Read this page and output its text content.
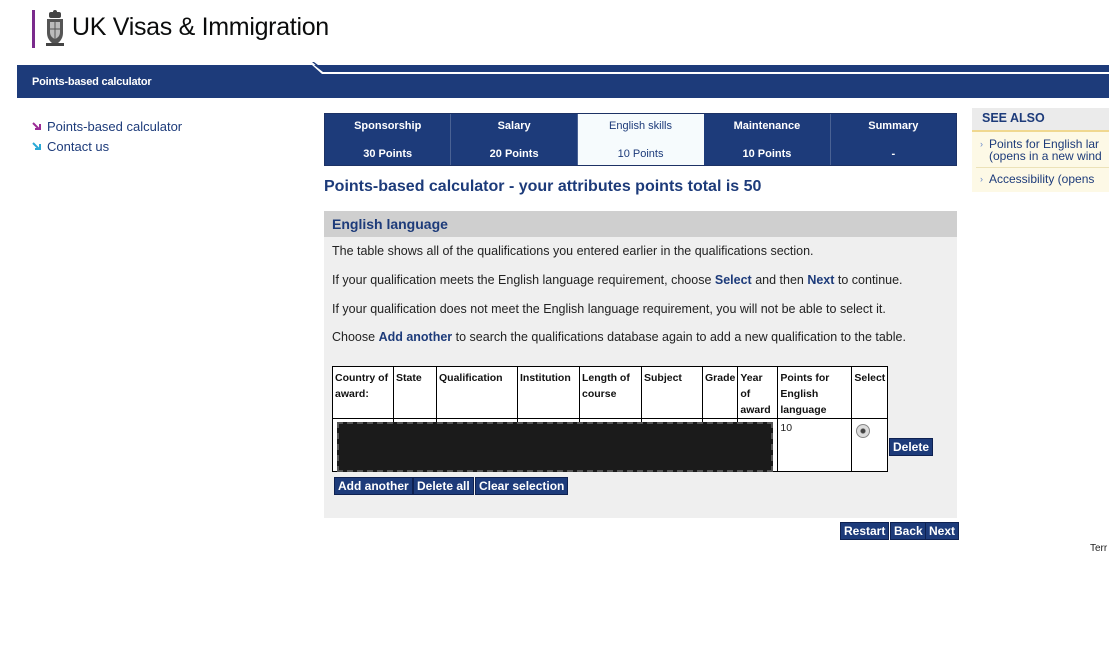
UK Visas & Immigration
Points-based calculator
Points-based calculator
Contact us
Sponsorship
30 Points
Salary
20 Points
English skills
10 Points
Maintenance
10 Points
Summary
-
Points-based calculator - your attributes points total is 50
English language
The table shows all of the qualifications you entered earlier in the qualifications section.
If your qualification meets the English language requirement, choose Select and then Next to continue.
If your qualification does not meet the English language requirement, you will not be able to select it.
Choose Add another to search the qualifications database again to add a new qualification to the table.
Country of award:	State	Qualification	Institution	Length of course	Subject	Grade	Year of award	Points for English language	Select
								10	
Delete
Add another Delete all Clear selection
Restart Back Next
SEE ALSO
› Points for English lar
(opens in a new wind
› Accessibility (opens
Terr
